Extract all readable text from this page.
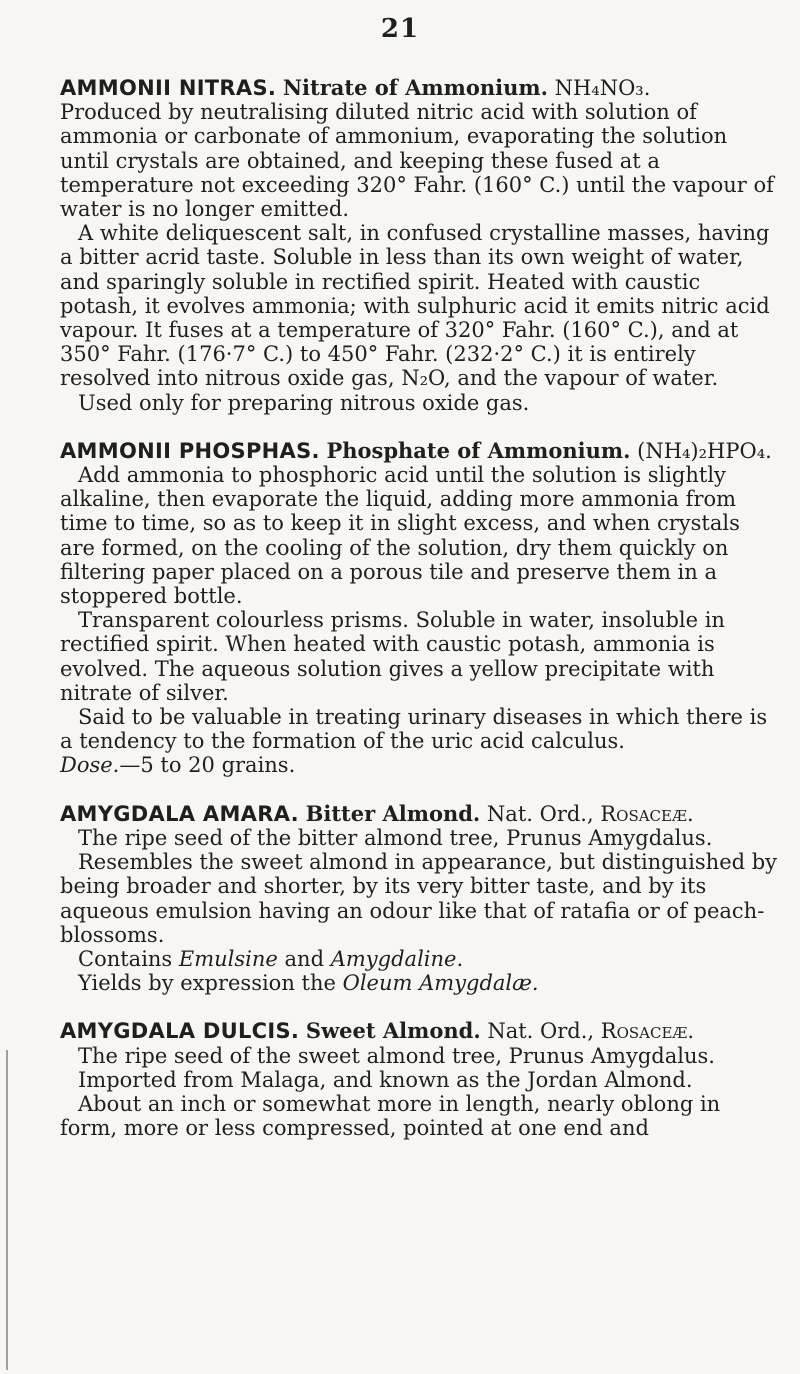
21

AMMONII NITRAS. Nitrate of Ammonium. NH₄NO₃.

Produced by neutralising diluted nitric acid with solution of ammonia or carbonate of ammonium, evaporating the solution until crystals are obtained, and keeping these fused at a temperature not exceeding 320° Fahr. (160° C.) until the vapour of water is no longer emitted.

A white deliquescent salt, in confused crystalline masses, having a bitter acrid taste. Soluble in less than its own weight of water, and sparingly soluble in rectified spirit. Heated with caustic potash, it evolves ammonia; with sulphuric acid it emits nitric acid vapour. It fuses at a temperature of 320° Fahr. (160° C.), and at 350° Fahr. (176·7° C.) to 450° Fahr. (232·2° C.) it is entirely resolved into nitrous oxide gas, N₂O, and the vapour of water.

Used only for preparing nitrous oxide gas.

AMMONII PHOSPHAS. Phosphate of Ammonium. (NH₄)₂HPO₄.

Add ammonia to phosphoric acid until the solution is slightly alkaline, then evaporate the liquid, adding more ammonia from time to time, so as to keep it in slight excess, and when crystals are formed, on the cooling of the solution, dry them quickly on filtering paper placed on a porous tile and preserve them in a stoppered bottle.

Transparent colourless prisms. Soluble in water, insoluble in rectified spirit. When heated with caustic potash, ammonia is evolved. The aqueous solution gives a yellow precipitate with nitrate of silver.

Said to be valuable in treating urinary diseases in which there is a tendency to the formation of the uric acid calculus.

Dose.—5 to 20 grains.

AMYGDALA AMARA. Bitter Almond. Nat. Ord., Rosaceæ.

The ripe seed of the bitter almond tree, Prunus Amygdalus.

Resembles the sweet almond in appearance, but distinguished by being broader and shorter, by its very bitter taste, and by its aqueous emulsion having an odour like that of ratafia or of peach-blossoms.

Contains Emulsine and Amygdaline.

Yields by expression the Oleum Amygdalæ.

AMYGDALA DULCIS. Sweet Almond. Nat. Ord., Rosaceæ.

The ripe seed of the sweet almond tree, Prunus Amygdalus.

Imported from Malaga, and known as the Jordan Almond.

About an inch or somewhat more in length, nearly oblong in form, more or less compressed, pointed at one end and
